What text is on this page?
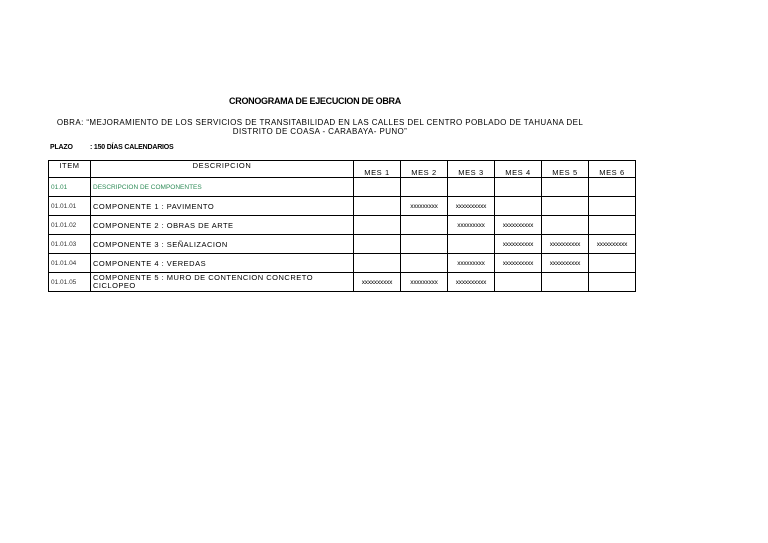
CRONOGRAMA DE EJECUCION DE OBRA
OBRA: “MEJORAMIENTO DE LOS SERVICIOS DE TRANSITABILIDAD EN LAS CALLES DEL CENTRO POBLADO DE TAHUANA DEL
DISTRITO DE COASA - CARABAYA- PUNO”
PLAZO : 150 DÍAS CALENDARIOS
ITEM	DESCRIPCION	MES 1	MES 2	MES 3	MES 4	MES 5	MES 6
01.01	DESCRIPCION DE COMPONENTES						
01.01.01	COMPONENTE 1 : PAVIMENTO		xxxxxxxxx	xxxxxxxxxx			
01.01.02	COMPONENTE 2 : OBRAS DE ARTE			xxxxxxxxx	xxxxxxxxxx		
01.01.03	COMPONENTE 3 : SEÑALIZACION				xxxxxxxxxx	xxxxxxxxxx	xxxxxxxxxx
01.01.04	COMPONENTE 4 : VEREDAS			xxxxxxxxx	xxxxxxxxxx	xxxxxxxxxx	
01.01.05	COMPONENTE 5 : MURO DE CONTENCION CONCRETO CICLOPEO	xxxxxxxxxx	xxxxxxxxx	xxxxxxxxxx			
